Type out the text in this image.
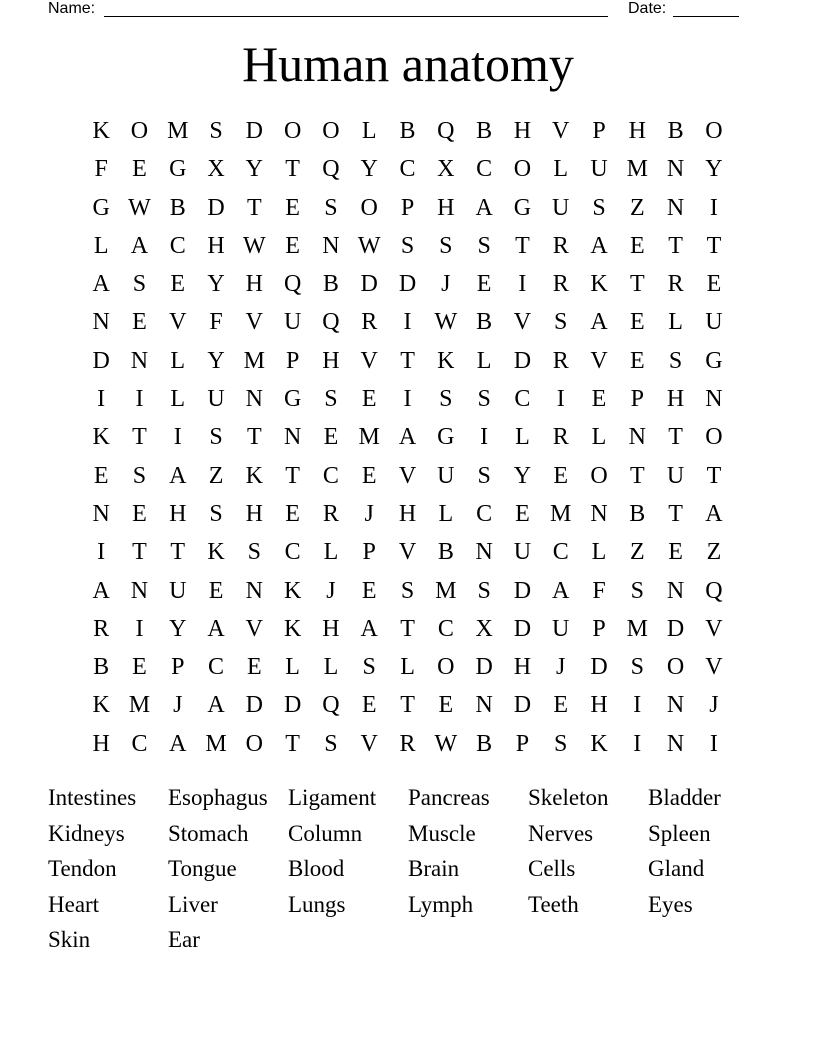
Name:	Date:
Human anatomy
K O M S D O O L B Q B H V P H B O
F	E G X Y T Q Y C X C O L U M N Y
G W B D T E	S O P H A G U S	Z N	I
L A C H W E N W S	S	S	T R A E T T
A S	E Y H Q B D D	J	E	I	R K T R E
N E V F V U Q R	I W B V S A E L U
D N L Y M P H V T K L D R V E	S G
I	I	L U N G S	E	I	S	S C	I	E	P H N
K T	I	S	T N E M A G	I	L R L N T O
E	S A Z K T C E V U S Y E O T U T
N E H S H E R	J	H L C E M N B T A
I	T T K S C L	P V B N U C L Z E Z
A N U E N K	J	E	S M S D A F	S N Q
R	I	Y A V K H A T C X D U P M D V
B E	P C E L L	S	L O D H	J	D S O V
K M J	A D D Q E T E N D E H	I	N	J
H C A M O T	S V R W B P	S K	I	N	I
Intestines	Esophagus Ligament	Pancreas	Skeleton	Bladder
Kidneys	Stomach	Column	Muscle	Nerves	Spleen
Tendon	Tongue	Blood	Brain	Cells	Gland
Heart	Liver	Lungs	Lymph	Teeth	Eyes
Skin	Ear
